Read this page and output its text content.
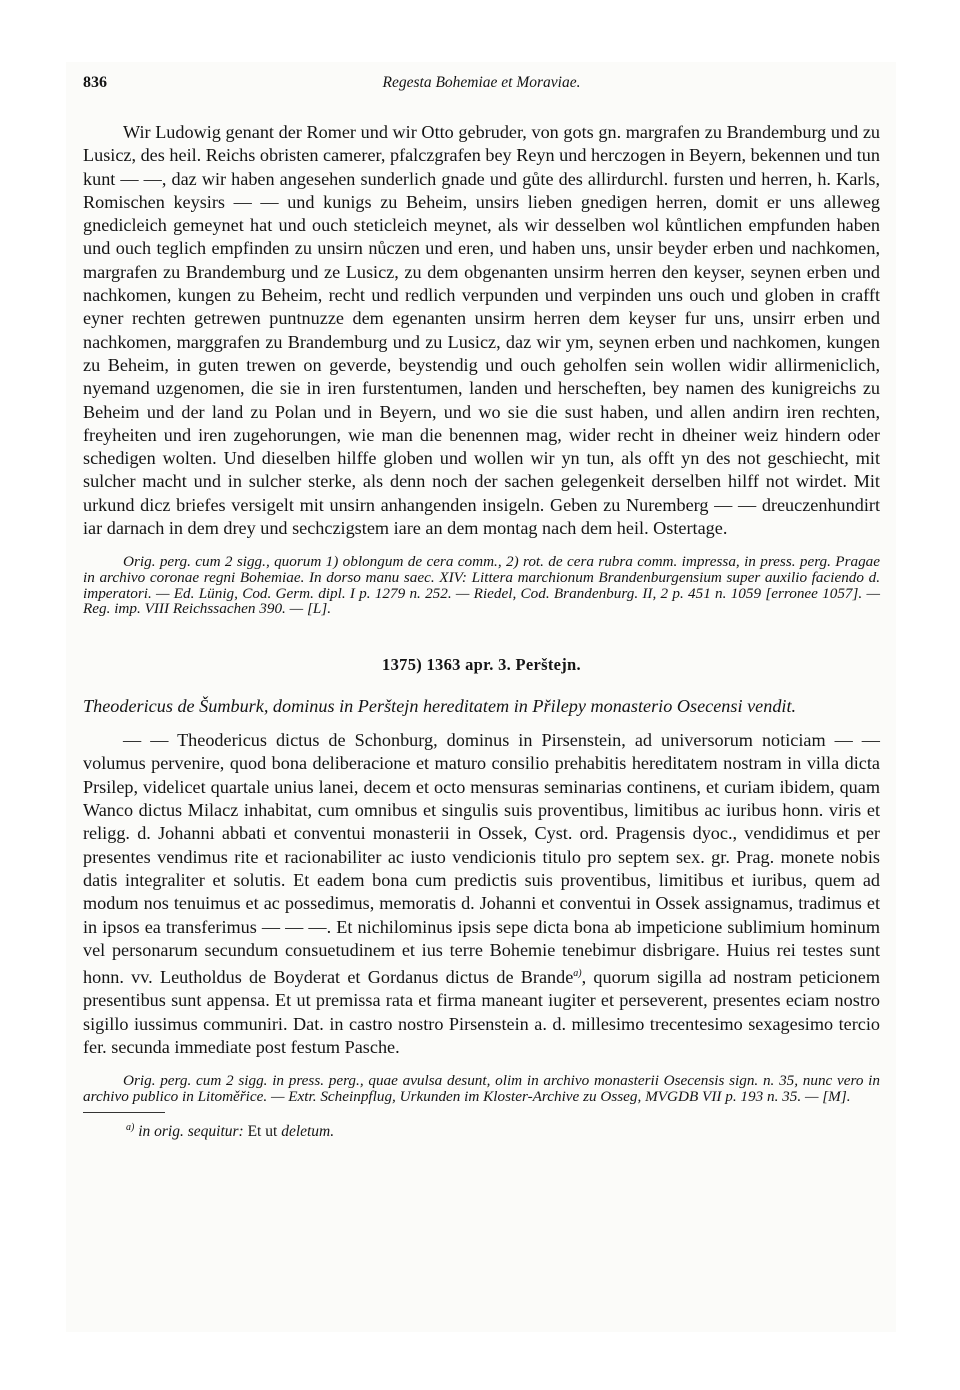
836	Regesta Bohemiae et Moraviae.

Wir Ludowig genant der Romer und wir Otto gebruder, von gots gn. margrafen zu Brandemburg und zu Lusicz, des heil. Reichs obristen camerer, pfalczgrafen bey Reyn und herczogen in Beyern, bekennen und tun kunt — —, daz wir haben angesehen sunderlich gnade und gůte des allirdurchl. fursten und herren, h. Karls, Romischen keysirs — — und kunigs zu Beheim, unsirs lieben gnedigen herren, domit er uns alleweg gnedicleich gemeynet hat und ouch steticleich meynet, als wir desselben wol kůntlichen empfunden haben und ouch teglich empfinden zu unsirn nůczen und eren, und haben uns, unsir beyder erben und nachkomen, margrafen zu Brandemburg und ze Lusicz, zu dem obgenanten unsirm herren den keyser, seynen erben und nachkomen, kungen zu Beheim, recht und redlich verpunden und verpinden uns ouch und globen in crafft eyner rechten getrewen puntnuzze dem egenanten unsirm herren dem keyser fur uns, unsirr erben und nachkomen, marggrafen zu Brandemburg und zu Lusicz, daz wir ym, seynen erben und nachkomen, kungen zu Beheim, in guten trewen on geverde, beystendig und ouch geholfen sein wollen widir allirmeniclich, nyemand uzgenomen, die sie in iren furstentumen, landen und herscheften, bey namen des kunigreichs zu Beheim und der land zu Polan und in Beyern, und wo sie die sust haben, und allen andirn iren rechten, freyheiten und iren zugehorungen, wie man die benennen mag, wider recht in dheiner weiz hindern oder schedigen wolten. Und dieselben hilffe globen und wollen wir yn tun, als offt yn des not geschiecht, mit sulcher macht und in sulcher sterke, als denn noch der sachen gelegenkeit derselben hilff not wirdet. Mit urkund dicz briefes versigelt mit unsirn anhangenden insigeln. Geben zu Nuremberg — — dreuczenhundirt iar darnach in dem drey und sechczigstem iare an dem montag nach dem heil. Ostertage.

Orig. perg. cum 2 sigg., quorum 1) oblongum de cera comm., 2) rot. de cera rubra comm. impressa, in press. perg. Pragae in archivo coronae regni Bohemiae. In dorso manu saec. XIV: Littera marchionum Brandenburgensium super auxilio faciendo d. imperatori. — Ed. Lünig, Cod. Germ. dipl. I p. 1279 n. 252. — Riedel, Cod. Brandenburg. II, 2 p. 451 n. 1059 [erronee 1057]. — Reg. imp. VIII Reichssachen 390. — [L].

1375) 1363 apr. 3. Perštejn.

Theodericus de Šumburk, dominus in Perštejn hereditatem in Přilepy monasterio Osecensi vendit.

— — Theodericus dictus de Schonburg, dominus in Pirsenstein, ad universorum noticiam — — volumus pervenire, quod bona deliberacione et maturo consilio prehabitis hereditatem nostram in villa dicta Prsilep, videlicet quartale unius lanei, decem et octo mensuras seminarias continens, et curiam ibidem, quam Wanco dictus Milacz inhabitat, cum omnibus et singulis suis proventibus, limitibus ac iuribus honn. viris et religg. d. Johanni abbati et conventui monasterii in Ossek, Cyst. ord. Pragensis dyoc., vendidimus et per presentes vendimus rite et racionabiliter ac iusto vendicionis titulo pro septem sex. gr. Prag. monete nobis datis integraliter et solutis. Et eadem bona cum predictis suis proventibus, limitibus et iuribus, quem ad modum nos tenuimus et ac possedimus, memoratis d. Johanni et conventui in Ossek assignamus, tradimus et in ipsos ea transferimus — — —. Et nichilominus ipsis sepe dicta bona ab impeticione sublimium hominum vel personarum secundum consuetudinem et ius terre Bohemie tenebimur disbrigare. Huius rei testes sunt honn. vv. Leutholdus de Boyderat et Gordanus dictus de Brande$^{a)}$, quorum sigilla ad nostram peticionem presentibus sunt appensa. Et ut premissa rata et firma maneant iugiter et perseverent, presentes eciam nostro sigillo iussimus communiri. Dat. in castro nostro Pirsenstein a. d. millesimo trecentesimo sexagesimo tercio fer. secunda immediate post festum Pasche.

Orig. perg. cum 2 sigg. in press. perg., quae avulsa desunt, olim in archivo monasterii Osecensis sign. n. 35, nunc vero in archivo publico in Litoměřice. — Extr. Scheinpflug, Urkunden im Kloster-Archive zu Osseg, MVGDB VII p. 193 n. 35. — [M].

$^{a)}$ in orig. sequitur: Et ut deletum.
